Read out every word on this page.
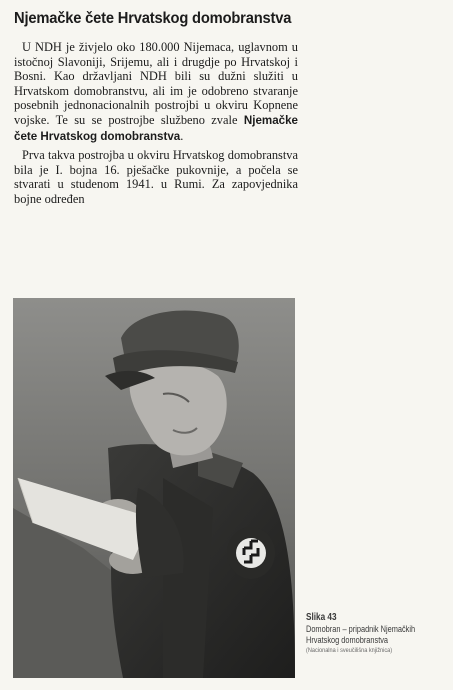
Njemačke čete Hrvatskog domobranstva

U NDH je živjelo oko 180.000 Nijemaca, uglavnom u istočnoj Slavoniji, Srijemu, ali i drugdje po Hrvatskoj i Bosni. Kao državljani NDH bili su dužni služiti u Hrvatskom domobranstvu, ali im je odobreno stvaranje posebnih jednonacionalnih postrojbi u okviru Kopnene vojske. Te su se postrojbe službeno zvale Njemačke čete Hrvatskog domobranstva.

Prva takva postrojba u okviru Hrvatskog domobranstva bila je I. bojna 16. pješačke pukovnije, a počela se stvarati u studenom 1941. u Rumi. Za zapovjednika bojne određen

Slika 43
Domobran – pripadnik Njemačkih
Hrvatskog domobranstva
(Nacionalna i sveučilišna knjižnica)
